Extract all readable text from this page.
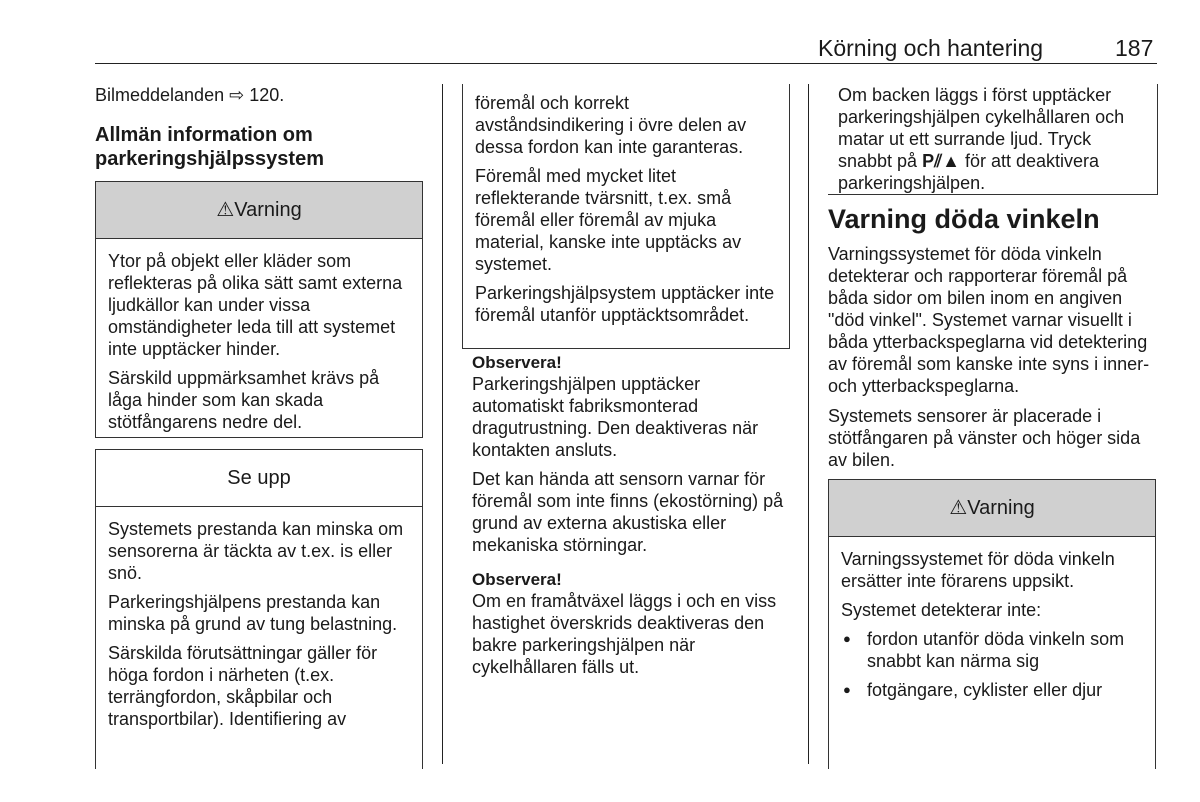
Körning och hantering	187

Bilmeddelanden ⇨ 120.

Allmän information om parkeringshjälpssystem

⚠Varning

Ytor på objekt eller kläder som reflekteras på olika sätt samt externa ljudkällor kan under vissa omständigheter leda till att systemet inte upptäcker hinder.

Särskild uppmärksamhet krävs på låga hinder som kan skada stötfångarens nedre del.

Se upp

Systemets prestanda kan minska om sensorerna är täckta av t.ex. is eller snö.

Parkeringshjälpens prestanda kan minska på grund av tung belastning.

Särskilda förutsättningar gäller för höga fordon i närheten (t.ex. terrängfordon, skåpbilar och transportbilar). Identifiering av

föremål och korrekt avståndsindikering i övre delen av dessa fordon kan inte garanteras.

Föremål med mycket litet reflekterande tvärsnitt, t.ex. små föremål eller föremål av mjuka material, kanske inte upptäcks av systemet.

Parkeringshjälpsystem upptäcker inte föremål utanför upptäcktsområdet.

Observera!

Parkeringshjälpen upptäcker automatiskt fabriksmonterad dragutrustning. Den deaktiveras när kontakten ansluts.

Det kan hända att sensorn varnar för föremål som inte finns (ekostörning) på grund av externa akustiska eller mekaniska störningar.

Observera!

Om en framåtväxel läggs i och en viss hastighet överskrids deaktiveras den bakre parkeringshjälpen när cykelhållaren fälls ut.

Om backen läggs i först upptäcker parkeringshjälpen cykelhållaren och matar ut ett surrande ljud. Tryck snabbt på P⫽▲ för att deaktivera parkeringshjälpen.

Varning döda vinkeln

Varningssystemet för döda vinkeln detekterar och rapporterar föremål på båda sidor om bilen inom en angiven "död vinkel". Systemet varnar visuellt i båda ytterbackspeglarna vid detektering av föremål som kanske inte syns i inner- och ytterbackspeglarna.

Systemets sensorer är placerade i stötfångaren på vänster och höger sida av bilen.

⚠Varning

Varningssystemet för döda vinkeln ersätter inte förarens uppsikt.

Systemet detekterar inte:

● fordon utanför döda vinkeln som snabbt kan närma sig

● fotgängare, cyklister eller djur
